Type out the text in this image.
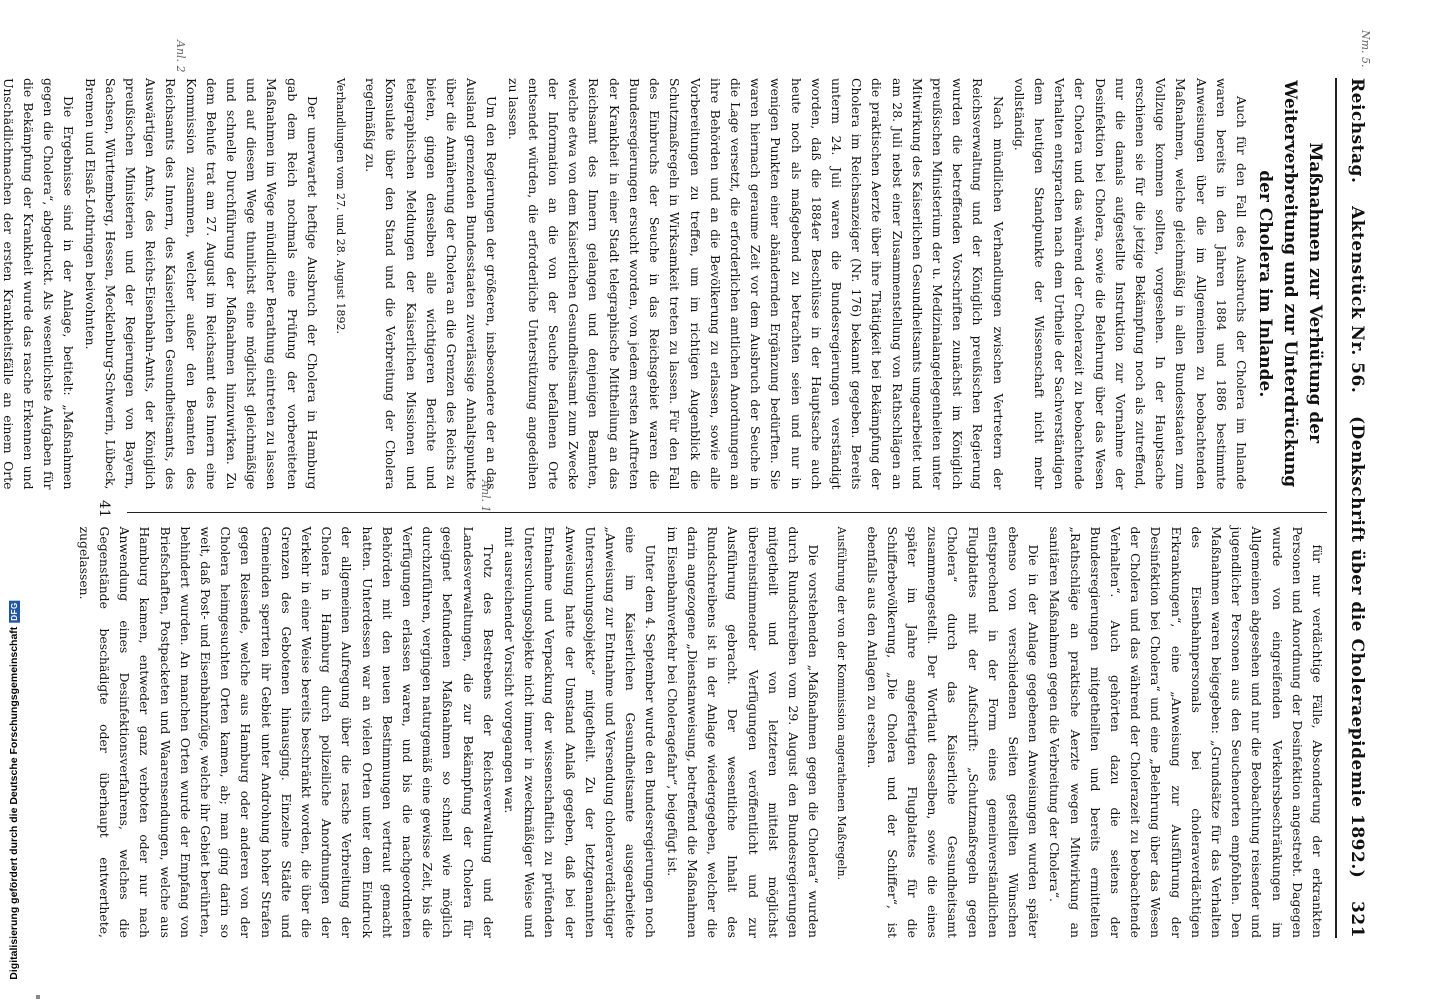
Reichstag.
Aktenstück Nr. 56.
(Denkschrift über die Choleraepidemie 1892.)
321

Maßnahmen zur Verhütung der Weiterverbreitung und zur Unterdrückung der Cholera im Inlande.

Auch für den Fall des Ausbruchs der Cholera im Inlande waren bereits in den Jahren 1884 und 1886 bestimmte Anweisungen über die im Allgemeinen zu beobachtenden Maßnahmen, welche gleichmäßig in allen Bundesstaaten zum Vollzuge kommen sollten, vorgesehen. In der Hauptsache erschienen sie für die jetzige Bekämpfung noch als zutreffend, nur die damals aufgestellte Instruktion zur Vornahme der Desinfektion bei Cholera, sowie die Belehrung über das Wesen der Cholera und das während der Cholerazeit zu beobachtende Verhalten entsprachen nach dem Urtheile der Sachverständigen dem heutigen Standpunkte der Wissenschaft nicht mehr vollständig.

Nach mündlichen Verhandlungen zwischen Vertretern der Reichsverwaltung und der Königlich preußischen Regierung wurden die betreffenden Vorschriften zunächst im Königlich preußischen Ministerium der u. Medizinalangelegenheiten unter Mitwirkung des Kaiserlichen Gesundheitsamts umgearbeitet und am 28. Juli nebst einer Zusammenstellung von Rathschlägen an die praktischen Aerzte über ihre Thätigkeit bei Bekämpfung der Cholera im Reichsanzeiger (Nr. 176) bekannt gegeben. Bereits unterm 24. Juli waren die Bundesregierungen verständigt worden, daß die 1884er Beschlüsse in der Hauptsache auch heute noch als maßgebend zu betrachten seien und nur in wenigen Punkten einer abändernden Ergänzung bedürften. Sie waren hiernach geraume Zeit vor dem Ausbruch der Seuche in die Lage versetzt, die erforderlichen amtlichen Anordnungen an ihre Behörden und an die Bevölkerung zu erlassen, sowie alle Vorbereitungen zu treffen, um im richtigen Augenblick die Schutzmaßregeln in Wirksamkeit treten zu lassen. Für den Fall des Einbruchs der Seuche in das Reichsgebiet waren die Bundesregierungen ersucht worden, von jedem ersten Auftreten der Krankheit in einer Stadt telegraphische Mittheilung an das Reichsamt des Innern gelangen und denjenigen Beamten, welche etwa von dem Kaiserlichen Gesundheitsamt zum Zwecke der Information an die von der Seuche befallenen Orte entsendet würden, die erforderliche Unterstützung angedeihen zu lassen.

Um den Regierungen der größeren, insbesondere der an das Ausland grenzenden Bundesstaaten zuverlässige Anhaltspunkte über die Annäherung der Cholera an die Grenzen des Reichs zu bieten, gingen denselben alle wichtigeren Berichte und telegraphischen Meldungen der Kaiserlichen Missionen und Konsulate über den Stand und die Verbreitung der Cholera regelmäßig zu.

Verhandlungen vom 27. und 28. August 1892.

Der unerwartet heftige Ausbruch der Cholera in Hamburg gab dem Reich nochmals eine Prüfung der vorbereiteten Maßnahmen im Wege mündlicher Berathung eintreten zu lassen und auf diesem Wege thunlichst eine möglichst gleichmäßige und schnelle Durchführung der Maßnahmen hinzuwirken. Zu dem Behufe trat am 27. August im Reichsamt des Innern eine Kommission zusammen, welcher außer den Beamten des Reichsamts des Innern, des Kaiserlichen Gesundheitsamts, des Auswärtigen Amts, des Reichs-Eisenbahn-Amts, der Königlich preußischen Ministerien und der Regierungen von Bayern, Sachsen, Württemberg, Hessen, Mecklenburg-Schwerin, Lübeck, Bremen und Elsaß-Lothringen beiwohnten.

Die Ergebnisse sind in der Anlage, betitelt: „Maßnahmen gegen die Cholera“, abgedruckt. Als wesentlichste Aufgaben für die Bekämpfung der Krankheit wurde das rasche Erkennen und Unschädlichmachen der ersten Krankheitsfälle an einem Orte

für nur verdächtige Fälle, Absonderung der erkrankten Personen und Anordnung der Desinfektion angestrebt. Dagegen wurde von eingreifenden Verkehrsbeschränkungen im Allgemeinen abgesehen und nur die Beobachtung reisender und jugendlicher Personen aus den Seuchenorten empfohlen. Den Maßnahmen waren beigegeben: „Grundsätze für das Verhalten des Eisenbahnpersonals bei choleraverdächtigen Erkrankungen“, eine „Anweisung zur Ausführung der Desinfektion bei Cholera“ und eine „Belehrung über das Wesen der Cholera und das während der Cholerazeit zu beobachtende Verhalten“. Auch gehörten dazu die seitens der Bundesregierungen mitgetheilten und bereits ermittelten „Rathschläge an praktische Aerzte wegen Mitwirkung an sanitären Maßnahmen gegen die Verbreitung der Cholera“.

Die in der Anlage gegebenen Anweisungen wurden später ebenso von verschiedenen Seiten gestellten Wünschen entsprechend in der Form eines gemeinverständlichen Flugblattes mit der Aufschrift: „Schutzmaßregeln gegen Cholera“ durch das Kaiserliche Gesundheitsamt zusammengestellt. Der Wortlaut desselben, sowie die eines später im Jahre angefertigten Flugblattes für die Schifferbevölkerung, „Die Cholera und der Schiffer“, ist ebenfalls aus den Anlagen zu ersehen.

Ausführung der von der Kommission angerathenen Maßregeln.

Die vorstehenden „Maßnahmen gegen die Cholera“ wurden durch Rundschreiben vom 29. August den Bundesregierungen mitgetheilt und von letzteren mittelst möglichst übereinstimmender Verfügungen veröffentlicht und zur Ausführung gebracht. Der wesentliche Inhalt des Rundschreibens ist in der Anlage wiedergegeben, welcher die darin angezogene „Dienstanweisung, betreffend die Maßnahmen im Eisenbahnverkehr bei Choleragefahr“, beigefügt ist.

Unter dem 4. September wurde den Bundesregierungen noch eine im Kaiserlichen Gesundheitsamte ausgearbeitete „Anweisung zur Entnahme und Versendung choleraverdächtiger Untersuchungsobjekte“ mitgetheilt. Zu der letztgenannten Anweisung hatte der Umstand Anlaß gegeben, daß bei der Entnahme und Verpackung der wissenschaftlich zu prüfenden Untersuchungsobjekte nicht immer in zweckmäßiger Weise und mit ausreichender Vorsicht vorgegangen war.

Trotz des Bestrebens der Reichsverwaltung und der Landesverwaltungen, die zur Bekämpfung der Cholera für geeignet befundenen Maßnahmen so schnell wie möglich durchzuführen, vergingen naturgemäß eine gewisse Zeit, bis die Verfügungen erlassen waren, und bis die nachgeordneten Behörden mit den neuen Bestimmungen vertraut gemacht hatten. Unterdessen war an vielen Orten unter dem Eindruck der allgemeinen Aufregung über die rasche Verbreitung der Cholera in Hamburg durch polizeiliche Anordnungen der Verkehr in einer Weise bereits beschränkt worden, die über die Grenzen des Gebotenen hinausging. Einzelne Städte und Gemeinden sperrten ihr Gebiet unter Androhung hoher Strafen gegen Reisende, welche aus Hamburg oder anderen von der Cholera heimgesuchten Orten kamen, ab; man ging darin so weit, daß Post- und Eisenbahnzüge, welche ihr Gebiet berührten, behindert wurden. An manchen Orten wurde der Empfang von Briefschaften, Postpacketen und Waarensendungen, welche aus Hamburg kamen, entweder ganz verboten oder nur nach Anwendung eines Desinfektionsverfahrens, welches die Gegenstände beschädigte oder überhaupt entwerthete, zugelassen.

41
Nm. 5.
Anl. 1
Anl. 2
Digitalisierung gefördert durch die Deutsche Forschungsgemeinschaft
DFG
